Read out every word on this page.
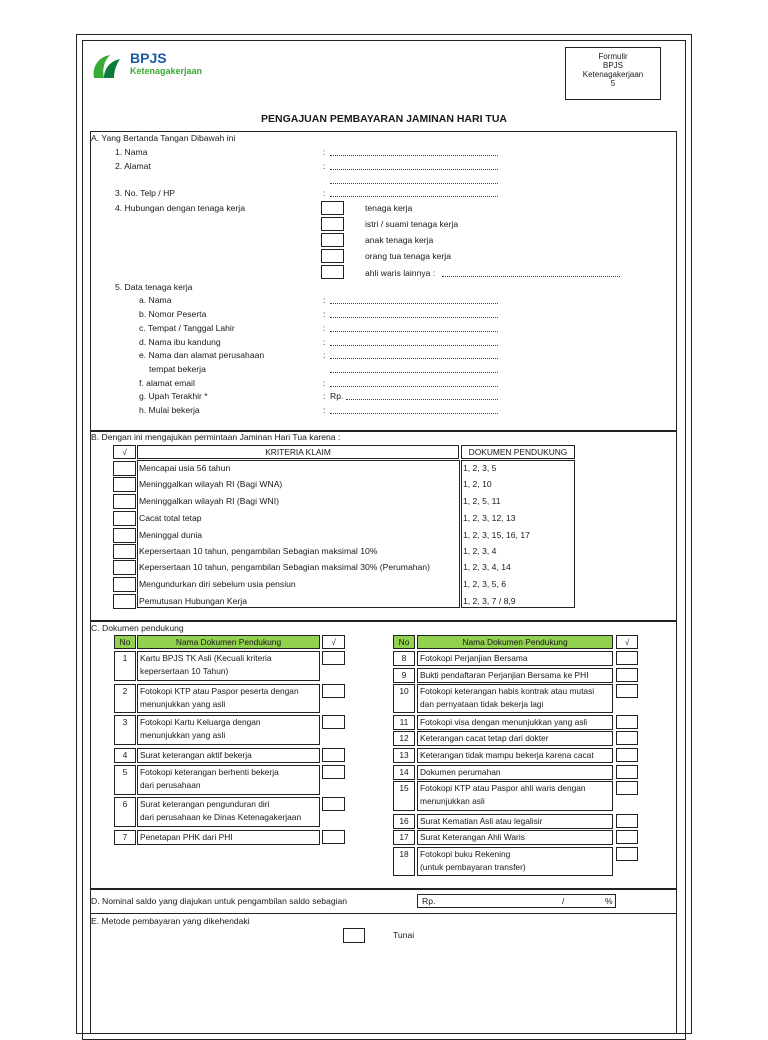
BPJS
Ketenagakerjaan
Formulir
BPJS
Ketenagakerjaan
5
PENGAJUAN PEMBAYARAN JAMINAN HARI TUA
A. Yang Bertanda Tangan Dibawah ini
1. Nama	:
2. Alamat	:
3. No. Telp / HP	:
4. Hubungan dengan tenaga kerja	tenaga kerja
istri / suami tenaga kerja
anak tenaga kerja
orang tua tenaga kerja
ahli waris lainnya :
5. Data tenaga kerja
a. Nama	:
b. Nomor Peserta	:
c. Tempat / Tanggal Lahir	:
d. Nama ibu kandung	:
e. Nama dan alamat perusahaan	:
tempat bekerja
f. alamat email	:
g. Upah Terakhir *	: Rp.
h. Mulai bekerja	:
B. Dengan ini mengajukan permintaan Jaminan Hari Tua karena :
√	KRITERIA KLAIM	DOKUMEN PENDUKUNG
Mencapai usia 56 tahun	1, 2, 3, 5
Meninggalkan wilayah RI (Bagi WNA)	1, 2, 10
Meninggalkan wilayah RI (Bagi WNI)	1, 2, 5, 11
Cacat total tetap	1, 2, 3, 12, 13
Meninggal dunia	1, 2, 3, 15, 16, 17
Kepersertaan 10 tahun, pengambilan Sebagian maksimal 10%	1, 2, 3, 4
Kepersertaan 10 tahun, pengambilan Sebagian maksimal 30% (Perumahan)	1, 2, 3, 4, 14
Mengundurkan diri sebelum usia pensiun	1, 2, 3, 5, 6
Pemutusan Hubungan Kerja	1, 2, 3, 7 / 8,9
C. Dokumen pendukung
No	Nama Dokumen Pendukung	√	No	Nama Dokumen Pendukung	√
1	Kartu BPJS TK Asli (Kecuali kriteria
kepersertaan 10 Tahun)
2	Fotokopi KTP atau Paspor peserta dengan
menunjukkan yang asli
3	Fotokopi Kartu Keluarga dengan
menunjukkan yang asli
4	Surat keterangan aktif bekerja
5	Fotokopi keterangan berhenti bekerja
dari perusahaan
6	Surat keterangan pengunduran diri
dari perusahaan ke Dinas Ketenagakerjaan
7	Penetapan PHK dari PHI
8	Fotokopi Perjanjian Bersama
9	Bukti pendaftaran Perjanjian Bersama ke PHI
10	Fotokopi keterangan habis kontrak atau mutasi
dan pernyataan tidak bekerja lagi
11	Fotokopi visa dengan menunjukkan yang asli
12	Keterangan cacat tetap dari dokter
13	Keterangan tidak mampu bekerja karena cacat
14	Dokumen perumahan
15	Fotokopi KTP atau Paspor ahli waris dengan
menunjukkan asli
16	Surat Kematian Asli atau legalisir
17	Surat Keterangan Ahli Waris
18	Fotokopi buku Rekening
(untuk pembayaran transfer)
D. Nominal saldo yang diajukan untuk pengambilan saldo sebagian	Rp.	/	%
E. Metode pembayaran yang dikehendaki
Tunai
